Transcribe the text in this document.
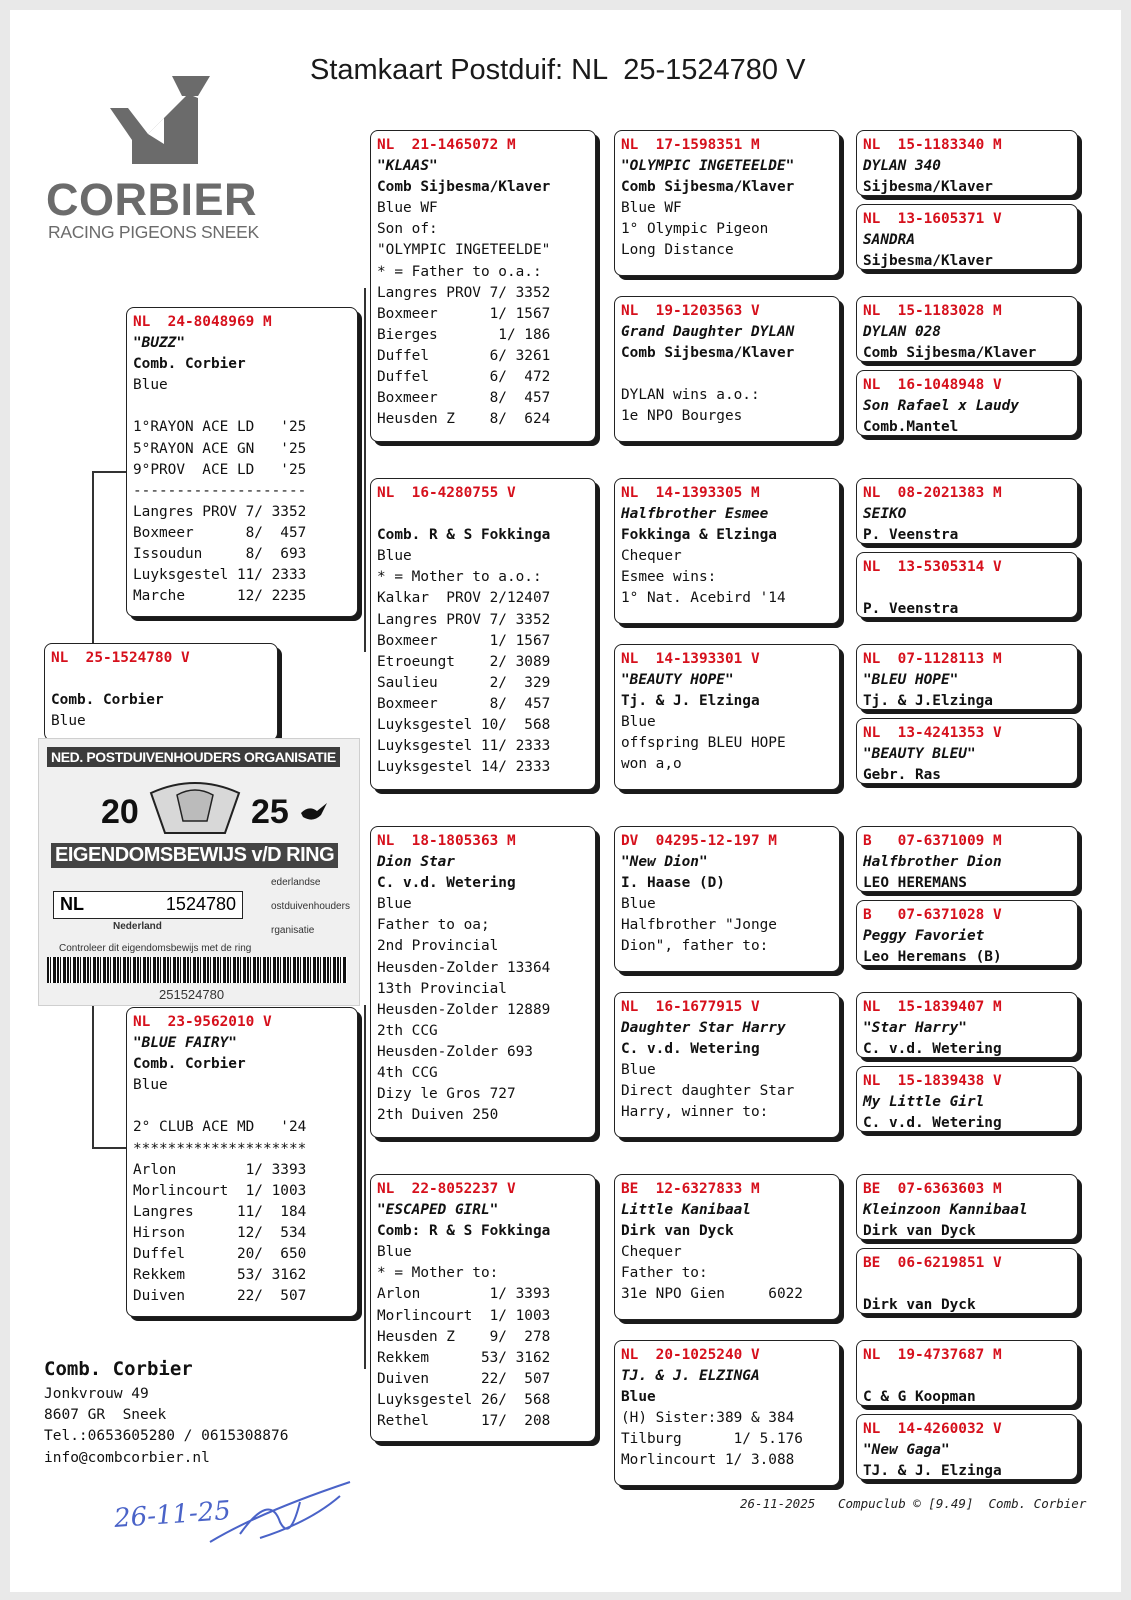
Stamkaart Postduif: NL  25-1524780 V
CORBIER
RACING PIGEONS SNEEK
NL  25-1524780 V
Comb. Corbier
Blue
NL  24-8048969 M
"BUZZ"
Comb. Corbier
Blue
1°RAYON ACE LD   '25
5°RAYON ACE GN   '25
9°PROV  ACE LD   '25
--------------------
Langres PROV 7/ 3352
Boxmeer      8/  457
Issoudun     8/  693
Luyksgestel 11/ 2333
Marche      12/ 2235
NL  23-9562010 V
"BLUE FAIRY"
Comb. Corbier
Blue
2° CLUB ACE MD   '24
********************
Arlon        1/ 3393
Morlincourt  1/ 1003
Langres     11/  184
Hirson      12/  534
Duffel      20/  650
Rekkem      53/ 3162
Duiven      22/  507
NL  21-1465072 M
"KLAAS"
Comb Sijbesma/Klaver
Blue WF
Son of:
"OLYMPIC INGETEELDE"
* = Father to o.a.:
Langres PROV 7/ 3352
Boxmeer      1/ 1567
Bierges       1/ 186
Duffel       6/ 3261
Duffel       6/  472
Boxmeer      8/  457
Heusden Z    8/  624
NL  16-4280755 V
Comb. R & S Fokkinga
Blue
* = Mother to a.o.:
Kalkar  PROV 2/12407
Langres PROV 7/ 3352
Boxmeer      1/ 1567
Etroeungt    2/ 3089
Saulieu      2/  329
Boxmeer      8/  457
Luyksgestel 10/  568
Luyksgestel 11/ 2333
Luyksgestel 14/ 2333
NL  18-1805363 M
Dion Star
C. v.d. Wetering
Blue
Father to oa;
2nd Provincial
Heusden-Zolder 13364
13th Provincial
Heusden-Zolder 12889
2th CCG
Heusden-Zolder 693
4th CCG
Dizy le Gros 727
2th Duiven 250
NL  22-8052237 V
"ESCAPED GIRL"
Comb: R & S Fokkinga
Blue
* = Mother to:
Arlon        1/ 3393
Morlincourt  1/ 1003
Heusden Z    9/  278
Rekkem      53/ 3162
Duiven      22/  507
Luyksgestel 26/  568
Rethel      17/  208
NL  17-1598351 M
"OLYMPIC INGETEELDE"
Comb Sijbesma/Klaver
Blue WF
1° Olympic Pigeon
Long Distance
NL  19-1203563 V
Grand Daughter DYLAN
Comb Sijbesma/Klaver
DYLAN wins a.o.:
1e NPO Bourges
NL  14-1393305 M
Halfbrother Esmee
Fokkinga & Elzinga
Chequer
Esmee wins:
1° Nat. Acebird '14
NL  14-1393301 V
"BEAUTY HOPE"
Tj. & J. Elzinga
Blue
offspring BLEU HOPE
won a,o
DV  04295-12-197 M
"New Dion"
I. Haase (D)
Blue
Halfbrother "Jonge
Dion", father to:
NL  16-1677915 V
Daughter Star Harry
C. v.d. Wetering
Blue
Direct daughter Star
Harry, winner to:
BE  12-6327833 M
Little Kanibaal
Dirk van Dyck
Chequer
Father to:
31e NPO Gien     6022
NL  20-1025240 V
TJ. & J. ELZINGA
Blue
(H) Sister:389 & 384
Tilburg      1/ 5.176
Morlincourt 1/ 3.088
NL  15-1183340 M
DYLAN 340
Sijbesma/Klaver
NL  13-1605371 V
SANDRA
Sijbesma/Klaver
NL  15-1183028 M
DYLAN 028
Comb Sijbesma/Klaver
NL  16-1048948 V
Son Rafael x Laudy
Comb.Mantel
NL  08-2021383 M
SEIKO
P. Veenstra
NL  13-5305314 V
P. Veenstra
NL  07-1128113 M
"BLEU HOPE"
Tj. & J.Elzinga
NL  13-4241353 V
"BEAUTY BLEU"
Gebr. Ras
B   07-6371009 M
Halfbrother Dion
LEO HEREMANS
B   07-6371028 V
Peggy Favoriet
Leo Heremans (B)
NL  15-1839407 M
"Star Harry"
C. v.d. Wetering
NL  15-1839438 V
My Little Girl
C. v.d. Wetering
BE  07-6363603 M
Kleinzoon Kannibaal
Dirk van Dyck
BE  06-6219851 V
Dirk van Dyck
NL  19-4737687 M
C & G Koopman
NL  14-4260032 V
"New Gaga"
TJ. & J. Elzinga
NED. POSTDUIVENHOUDERS ORGANISATIE
20	25
EIGENDOMSBEWIJS v/D RING
NL	1524780
Nederland
ederlandse
ostduivenhouders
rganisatie
Controleer dit eigendomsbewijs met de ring
251524780
Comb. Corbier
Jonkvrouw 49
8607 GR  Sneek
Tel.:0653605280 / 0615308876
info@combcorbier.nl
26-11-25	26-11-2025 Compuclub © [9.49]  Comb. Corbier
